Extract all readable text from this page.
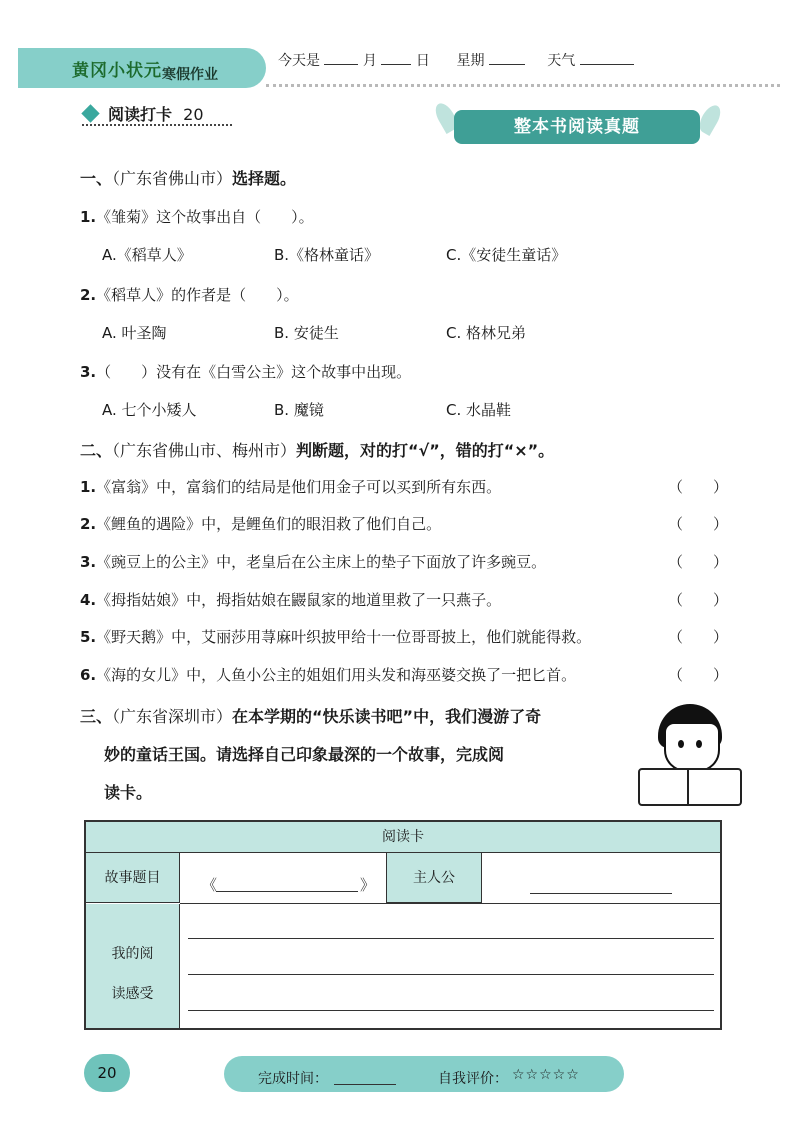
黄冈小状元 寒假作业
今天是	月	日 星期	天气
阅读打卡 20
整本书阅读真题
一、（广东省佛山市）选择题。
1.《雏菊》这个故事出自（　　）。
A.《稻草人》	B.《格林童话》	C.《安徒生童话》
2.《稻草人》的作者是（　　）。
A. 叶圣陶	B. 安徒生	C. 格林兄弟
3.（　　）没有在《白雪公主》这个故事中出现。
A. 七个小矮人	B. 魔镜	C. 水晶鞋
二、（广东省佛山市、梅州市）判断题，对的打“√”，错的打“×”。
1.《富翁》中，富翁们的结局是他们用金子可以买到所有东西。	（　　）
2.《鲤鱼的遇险》中，是鲤鱼们的眼泪救了他们自己。	（　　）
3.《豌豆上的公主》中，老皇后在公主床上的垫子下面放了许多豌豆。	（　　）
4.《拇指姑娘》中，拇指姑娘在鼹鼠家的地道里救了一只燕子。	（　　）
5.《野天鹅》中，艾丽莎用荨麻叶织披甲给十一位哥哥披上，他们就能得救。	（　　）
6.《海的女儿》中，人鱼小公主的姐姐们用头发和海巫婆交换了一把匕首。	（　　）
三、（广东省深圳市）在本学期的“快乐读书吧”中，我们漫游了奇
妙的童话王国。请选择自己印象最深的一个故事，完成阅
读卡。
阅读卡
故事题目	《	》	主人公
我的阅
读感受
20	完成时间：	自我评价： ☆☆☆☆☆
